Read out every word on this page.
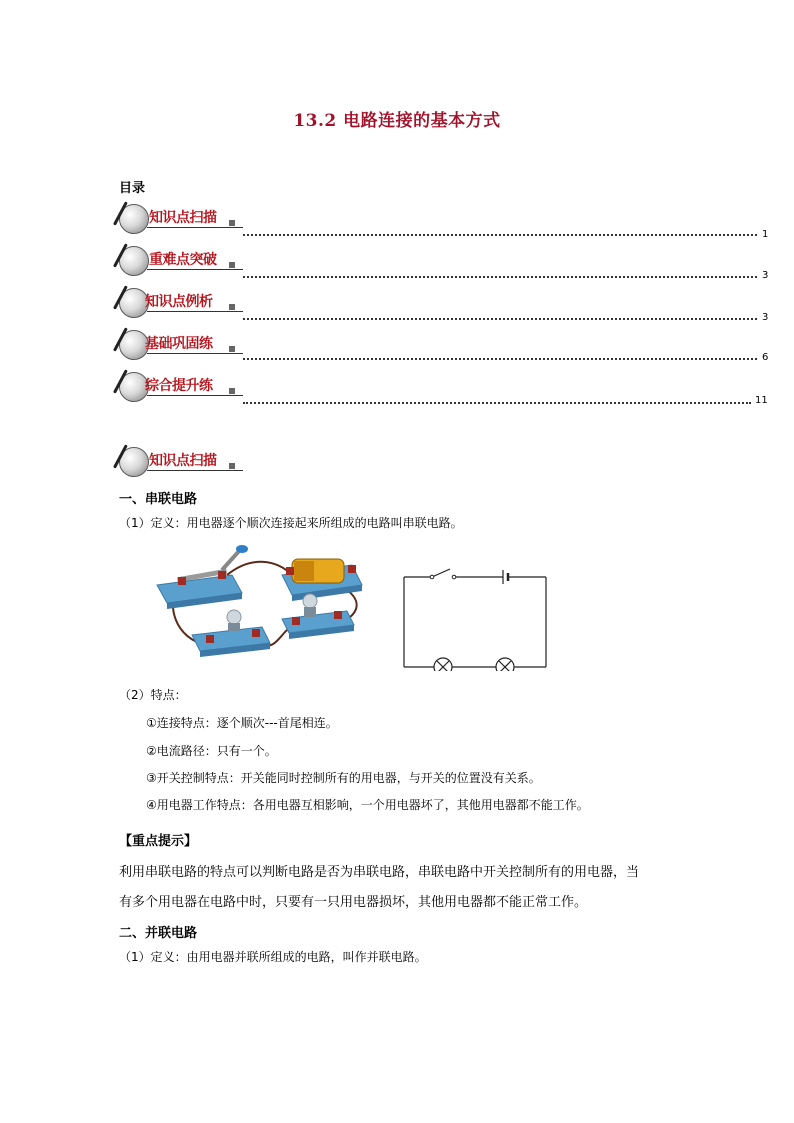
13.2 电路连接的基本方式
目录
知识点扫描
1
重难点突破
3
知识点例析
3
基础巩固练
6
综合提升练
11
知识点扫描
一、串联电路
（1）定义：用电器逐个顺次连接起来所组成的电路叫串联电路。
（2）特点：
①连接特点：逐个顺次---首尾相连。
②电流路径：只有一个。
③开关控制特点：开关能同时控制所有的用电器，与开关的位置没有关系。
④用电器工作特点：各用电器互相影响，一个用电器坏了，其他用电器都不能工作。
【重点提示】
利用串联电路的特点可以判断电路是否为串联电路，串联电路中开关控制所有的用电器，当
有多个用电器在电路中时，只要有一只用电器损坏，其他用电器都不能正常工作。
二、并联电路
（1）定义：由用电器并联所组成的电路，叫作并联电路。
